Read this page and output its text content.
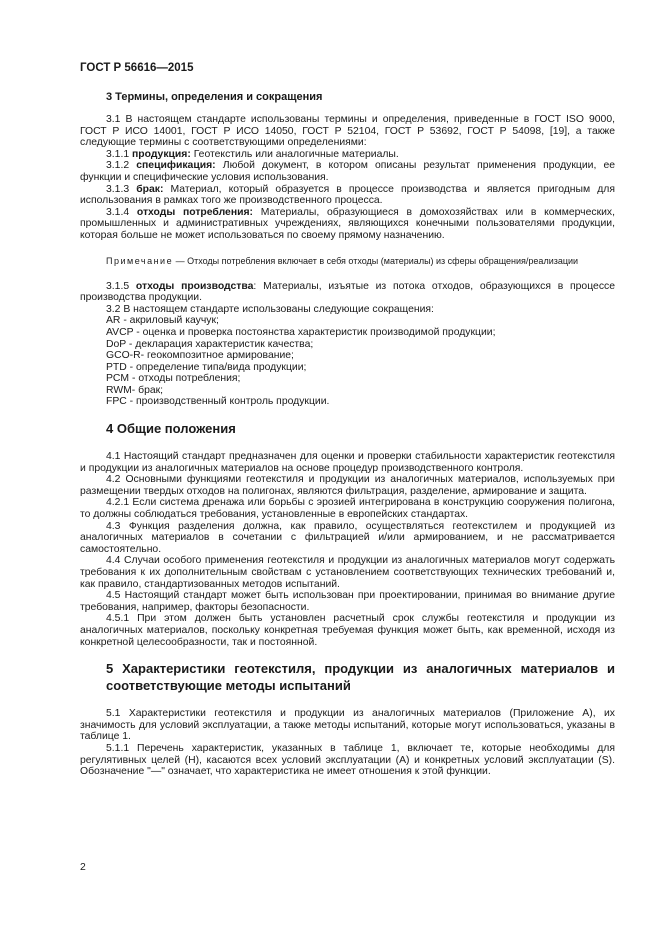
ГОСТ Р 56616—2015
3 Термины, определения и сокращения

3.1 В настоящем стандарте использованы термины и определения, приведенные в ГОСТ ISO 9000, ГОСТ Р ИСО 14001, ГОСТ Р ИСО 14050, ГОСТ Р 52104, ГОСТ Р 53692, ГОСТ Р 54098, [19], а также следующие термины с соответствующими определениями:

3.1.1 продукция: Геотекстиль или аналогичные материалы.

3.1.2 спецификация: Любой документ, в котором описаны результат применения продукции, ее функции и специфические условия использования.

3.1.3 брак: Материал, который образуется в процессе производства и является пригодным для использования в рамках того же производственного процесса.

3.1.4 отходы потребления: Материалы, образующиеся в домохозяйствах или в коммерческих, промышленных и административных учреждениях, являющихся конечными пользователями продукции, которая больше не может использоваться по своему прямому назначению.

Примечание — Отходы потребления включает в себя отходы (материалы) из сферы обращения/реализации

3.1.5 отходы производства: Материалы, изъятые из потока отходов, образующихся в процессе производства продукции.

3.2 В настоящем стандарте использованы следующие сокращения:

AR - акриловый каучук;

AVCP - оценка и проверка постоянства характеристик производимой продукции;

DoP - декларация характеристик качества;

GCO-R- геокомпозитное армирование;

PTD - определение типа/вида продукции;

PCM - отходы потребления;

RWM- брак;

FPC - производственный контроль продукции.

4 Общие положения

4.1 Настоящий стандарт предназначен для оценки и проверки стабильности характеристик геотекстиля и продукции из аналогичных материалов на основе процедур производственного контроля.

4.2 Основными функциями геотекстиля и продукции из аналогичных материалов, используемых при размещении твердых отходов на полигонах, являются фильтрация, разделение, армирование и защита.

4.2.1 Если система дренажа или борьбы с эрозией интегрирована в конструкцию сооружения полигона, то должны соблюдаться требования, установленные в европейских стандартах.

4.3 Функция разделения должна, как правило, осуществляться геотекстилем и продукцией из аналогичных материалов в сочетании с фильтрацией и/или армированием, и не рассматривается самостоятельно.

4.4 Случаи особого применения геотекстиля и продукции из аналогичных материалов могут содержать требования к их дополнительным свойствам с установлением соответствующих технических требований и, как правило, стандартизованных методов испытаний.

4.5 Настоящий стандарт может быть использован при проектировании, принимая во внимание другие требования, например, факторы безопасности.

4.5.1 При этом должен быть установлен расчетный срок службы геотекстиля и продукции из аналогичных материалов, поскольку конкретная требуемая функция может быть, как временной, исходя из конкретной целесообразности, так и постоянной.

5 Характеристики геотекстиля, продукции из аналогичных материалов и соответствующие методы испытаний

5.1 Характеристики геотекстиля и продукции из аналогичных материалов (Приложение А), их значимость для условий эксплуатации, а также методы испытаний, которые могут использоваться, указаны в таблице 1.

5.1.1 Перечень характеристик, указанных в таблице 1, включает те, которые необходимы для регулятивных целей (Н), касаются всех условий эксплуатации (А) и конкретных условий эксплуатации (S). Обозначение "—" означает, что характеристика не имеет отношения к этой функции.

2
